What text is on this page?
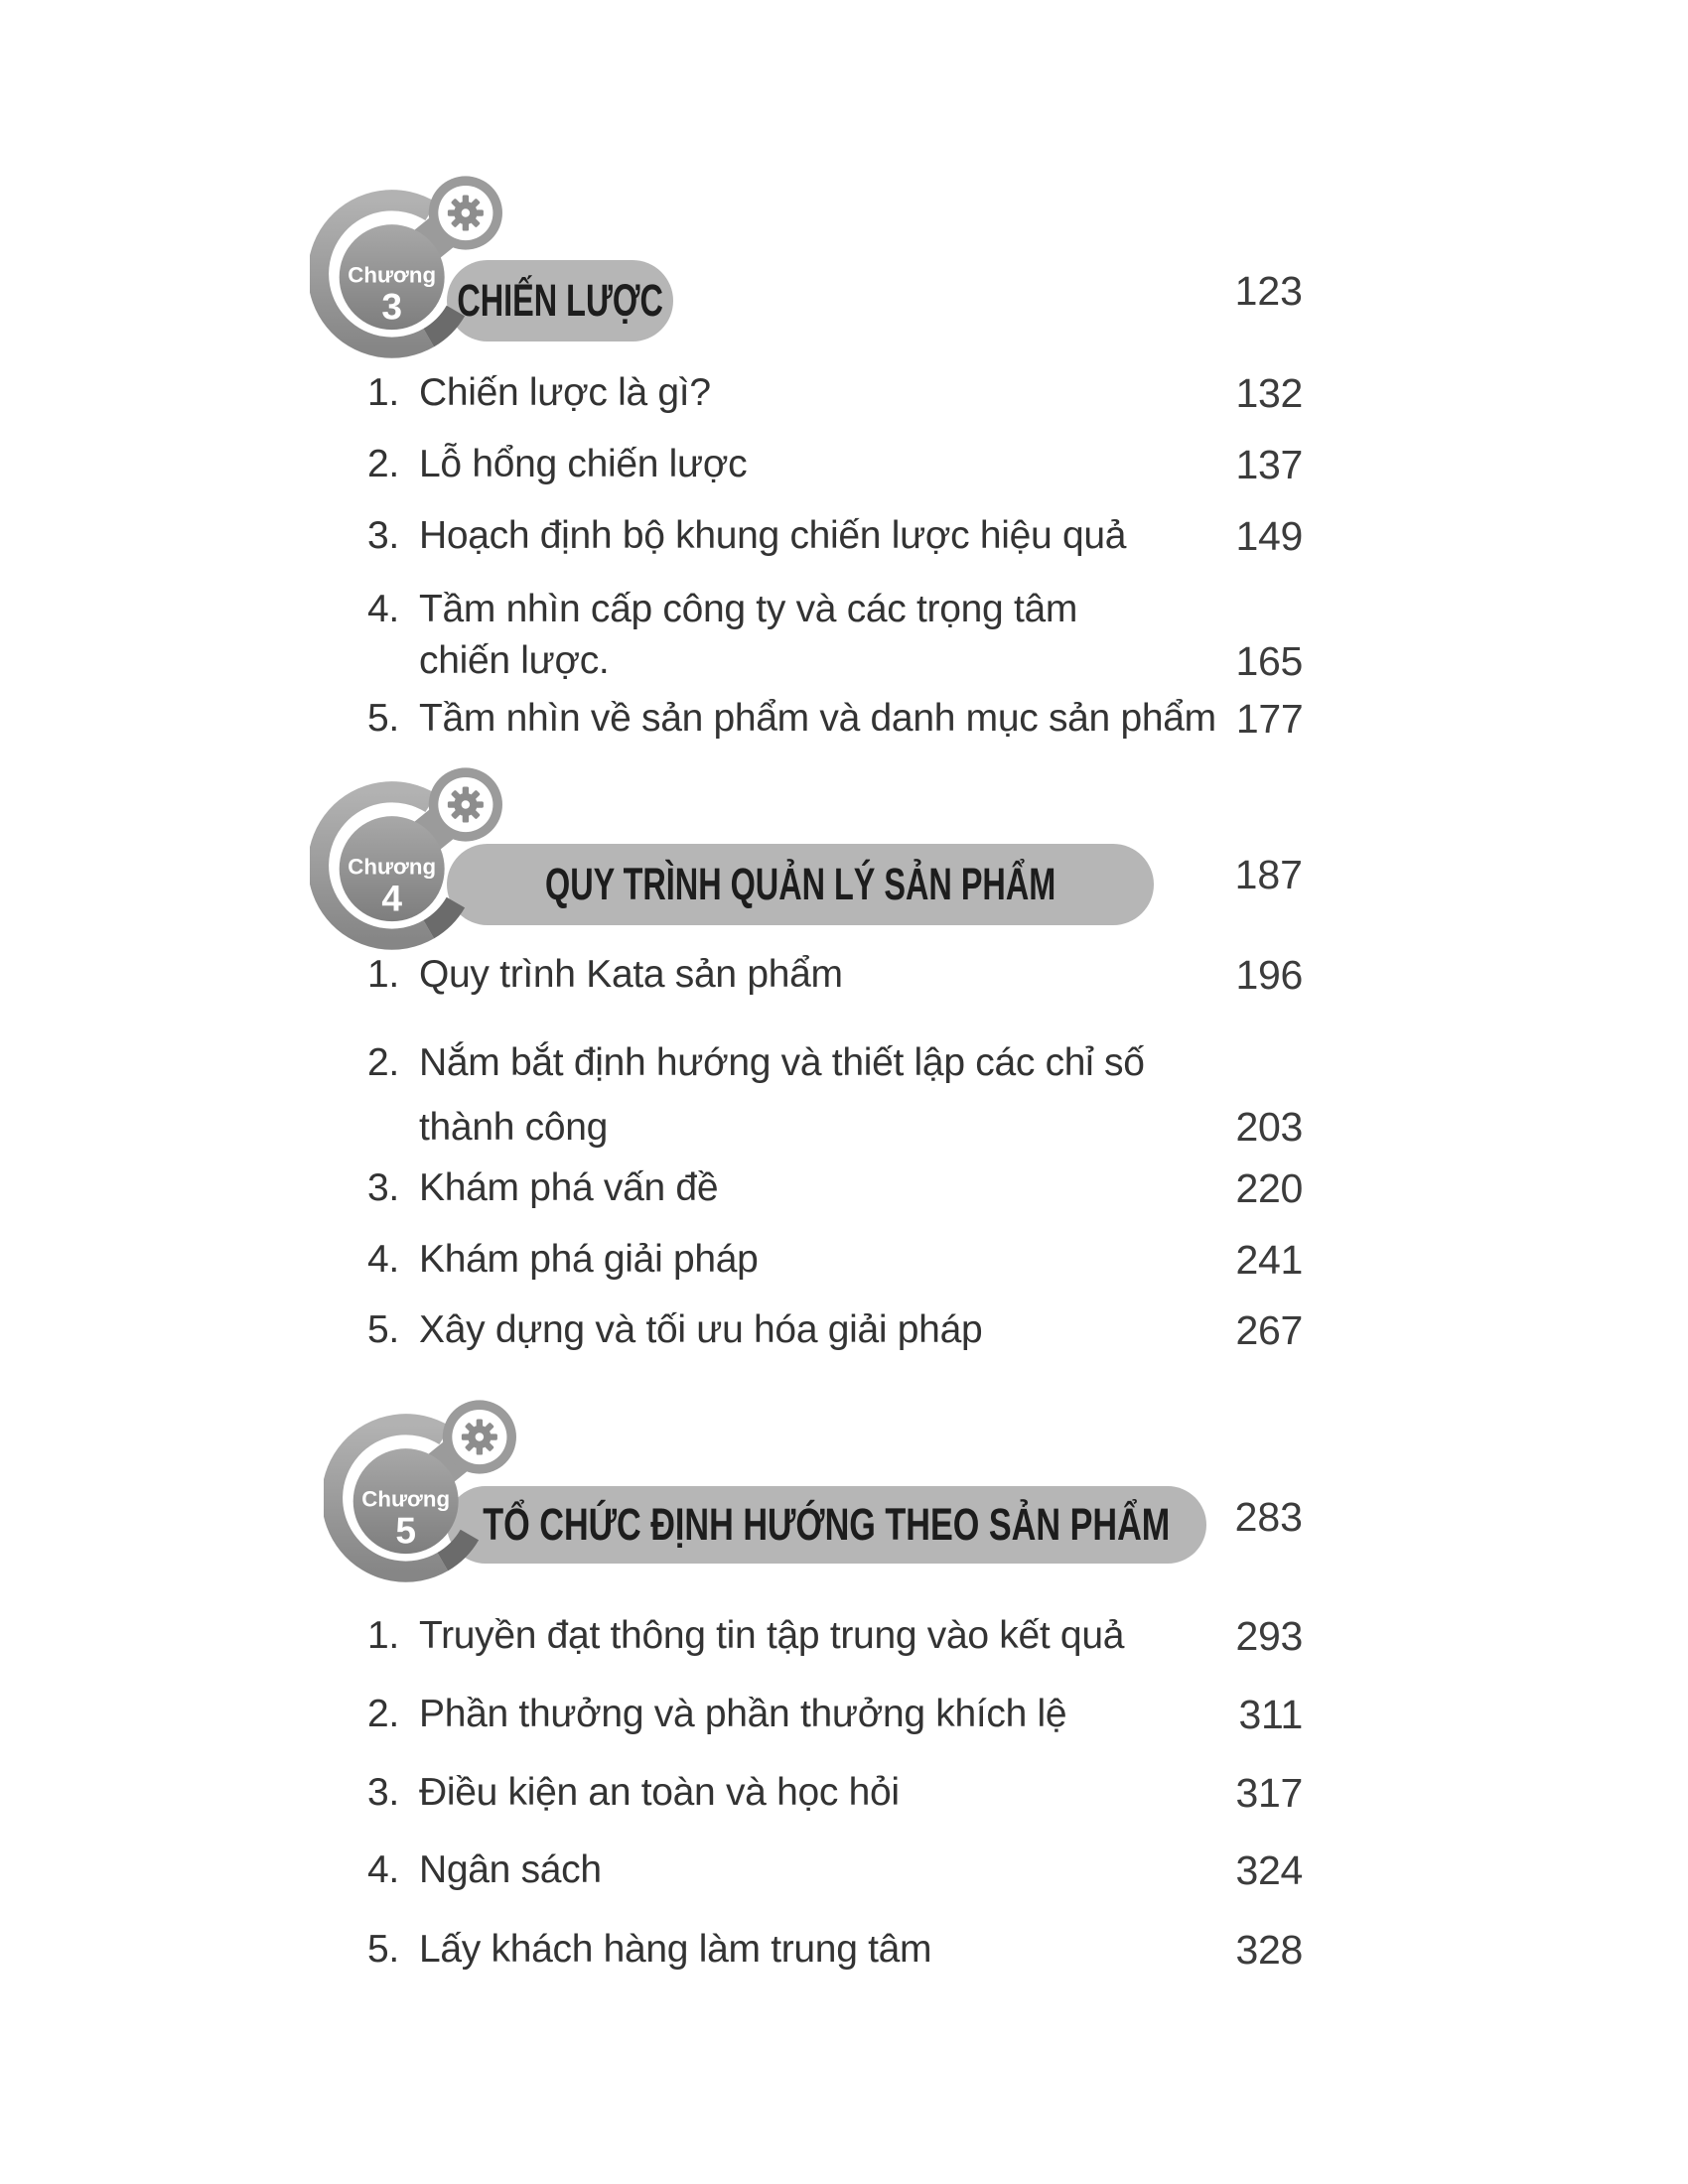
Chương
3 CHIẾN LƯỢC	123
1. Chiến lược là gì?	132
2. Lỗ hổng chiến lược	137
3. Hoạch định bộ khung chiến lược hiệu quả	149
4. Tầm nhìn cấp công ty và các trọng tâm
chiến lược.	165
5. Tầm nhìn về sản phẩm và danh mục sản phẩm 177
Chương
4	QUY TRÌNH QUẢN LÝ SẢN PHẨM	187
1. Quy trình Kata sản phẩm	196
2. Nắm bắt định hướng và thiết lập các chỉ số
thành công	203
3. Khám phá vấn đề	220
4. Khám phá giải pháp	241
5. Xây dựng và tối ưu hóa giải pháp	267
Chương
5 TỔ CHỨC ĐỊNH HƯỚNG THEO SẢN PHẨM	283
1. Truyền đạt thông tin tập trung vào kết quả	293
2. Phần thưởng và phần thưởng khích lệ	311
3. Điều kiện an toàn và học hỏi	317
4. Ngân sách	324
5. Lấy khách hàng làm trung tâm	328
